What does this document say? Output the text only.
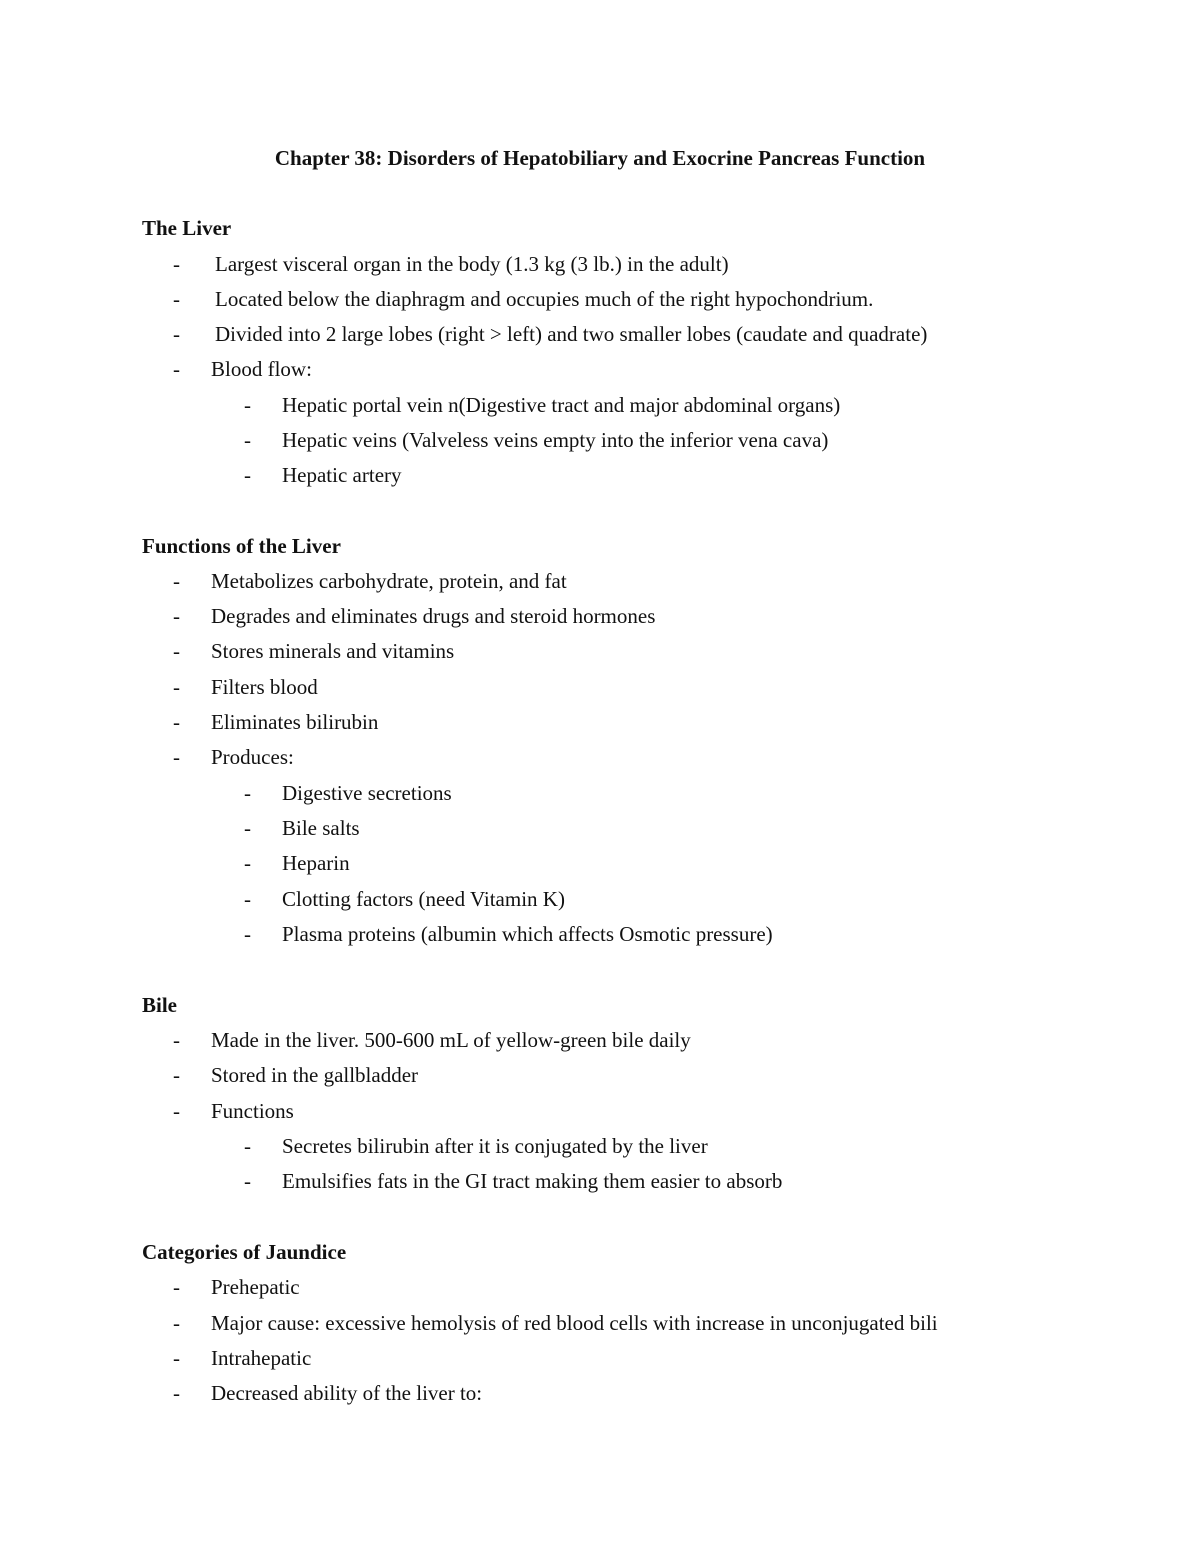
Chapter 38: Disorders of Hepatobiliary and Exocrine Pancreas Function
The Liver
- Largest visceral organ in the body (1.3 kg (3 lb.) in the adult)
- Located below the diaphragm and occupies much of the right hypochondrium.
- Divided into 2 large lobes (right > left) and two smaller lobes (caudate and quadrate)
- Blood flow:
- Hepatic portal vein n(Digestive tract and major abdominal organs)
- Hepatic veins (Valveless veins empty into the inferior vena cava)
- Hepatic artery
Functions of the Liver
- Metabolizes carbohydrate, protein, and fat
- Degrades and eliminates drugs and steroid hormones
- Stores minerals and vitamins
- Filters blood
- Eliminates bilirubin
- Produces:
- Digestive secretions
- Bile salts
- Heparin
- Clotting factors (need Vitamin K)
- Plasma proteins (albumin which affects Osmotic pressure)
Bile
- Made in the liver. 500-600 mL of yellow-green bile daily
- Stored in the gallbladder
- Functions
- Secretes bilirubin after it is conjugated by the liver
- Emulsifies fats in the GI tract making them easier to absorb
Categories of Jaundice
- Prehepatic
- Major cause: excessive hemolysis of red blood cells with increase in unconjugated bili
- Intrahepatic
- Decreased ability of the liver to:
